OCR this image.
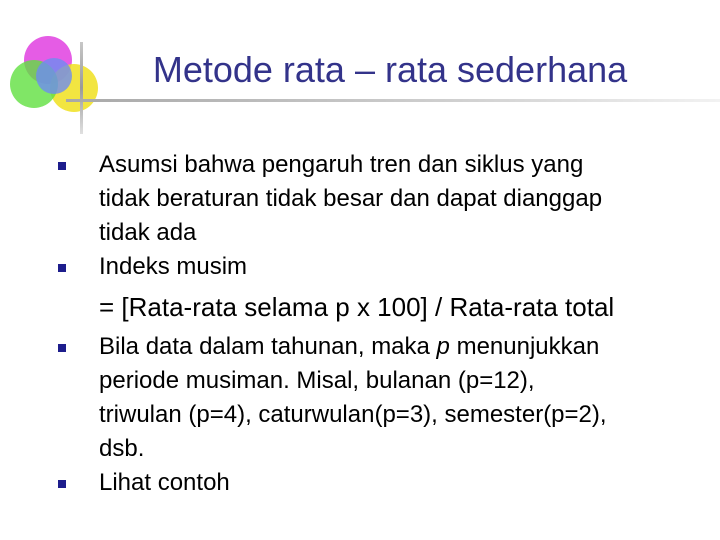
Metode rata – rata sederhana
Asumsi bahwa pengaruh tren dan siklus yang
tidak beraturan tidak besar dan dapat dianggap
tidak ada
Indeks musim
= [Rata-rata selama p x 100] / Rata-rata total
Bila data dalam tahunan, maka p menunjukkan
periode musiman. Misal, bulanan (p=12),
triwulan (p=4), caturwulan(p=3), semester(p=2),
dsb.
Lihat contoh
